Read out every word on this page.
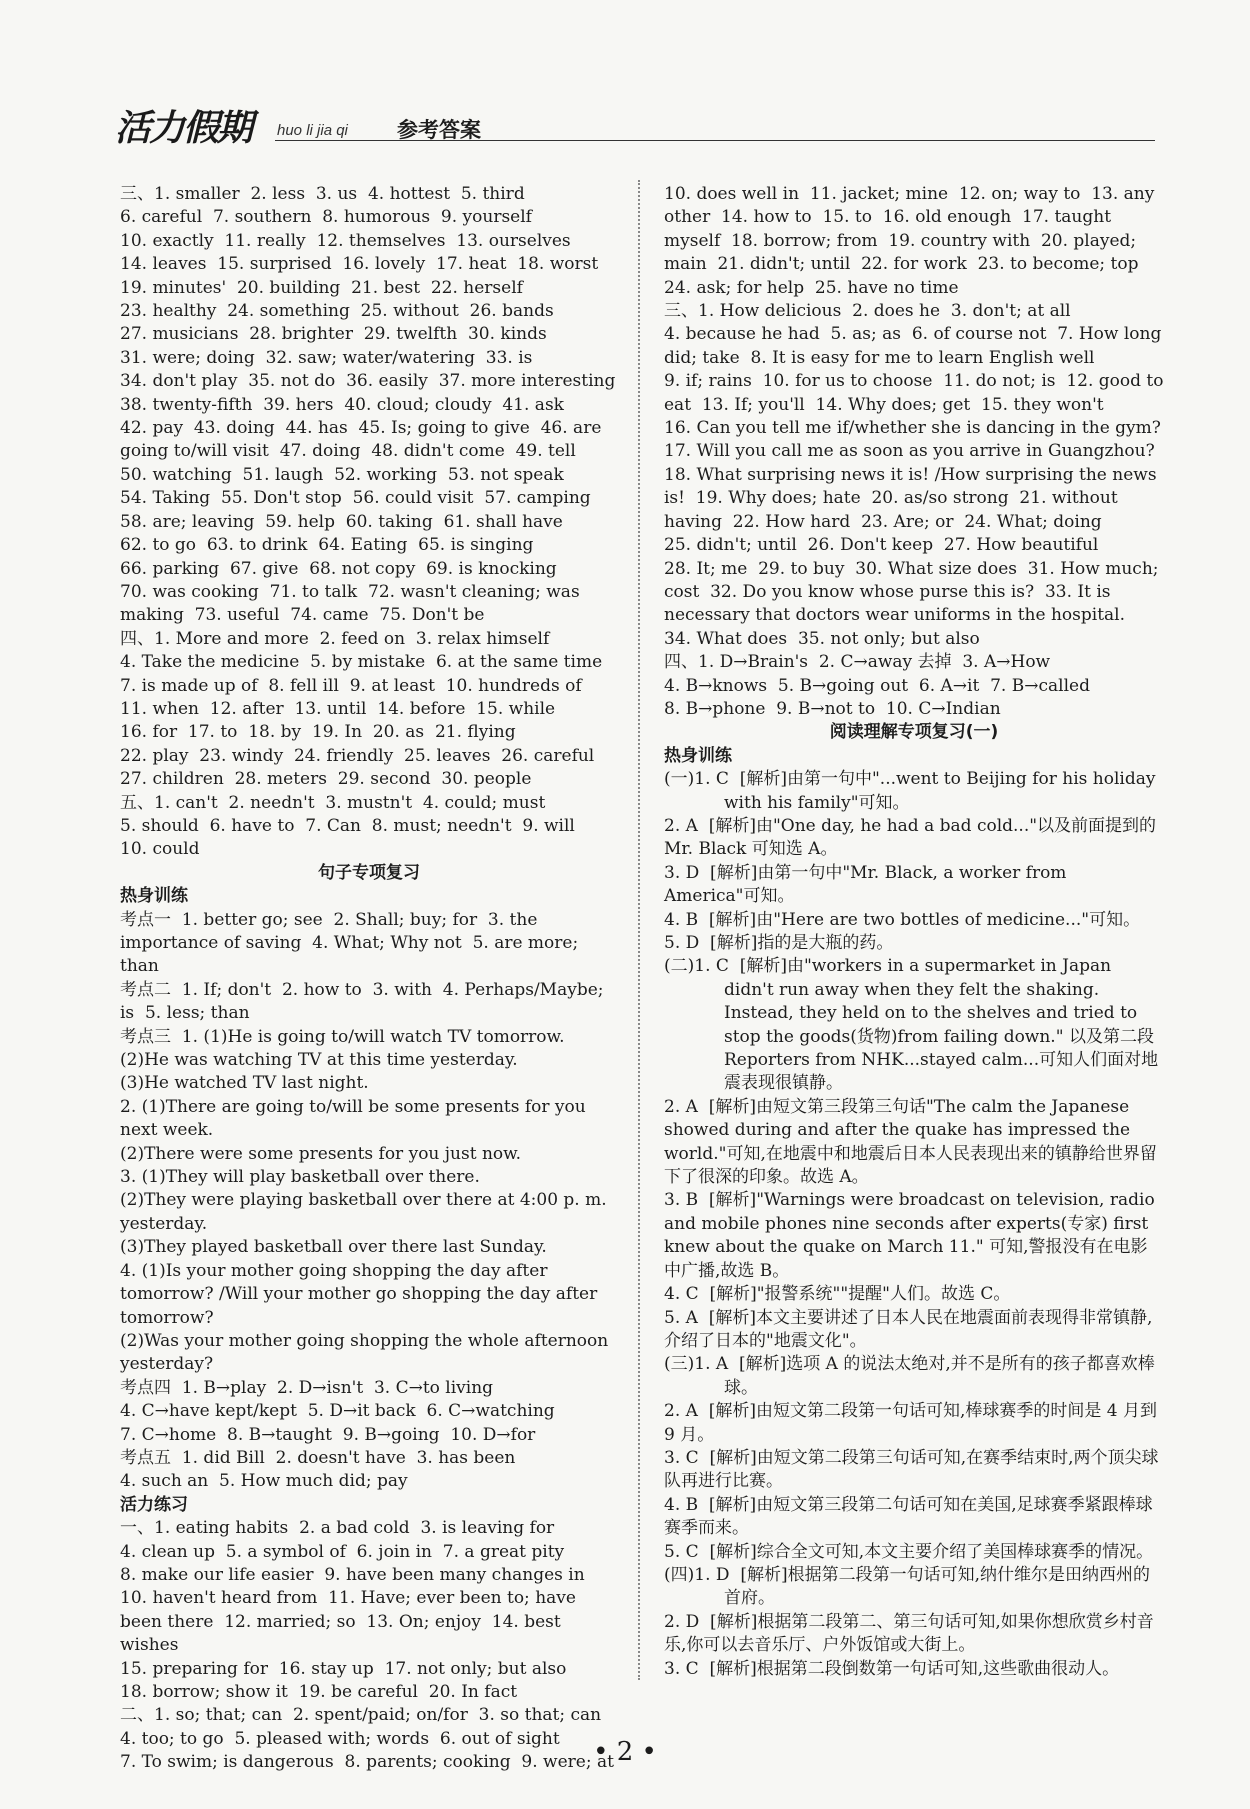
活力假期 huo li jia qi 参考答案
三、1. smaller  2. less  3. us  4. hottest  5. third
6. careful  7. southern  8. humorous  9. yourself
10. exactly  11. really  12. themselves  13. ourselves
14. leaves  15. surprised  16. lovely  17. heat  18. worst
19. minutes'  20. building  21. best  22. herself
23. healthy  24. something  25. without  26. bands
27. musicians  28. brighter  29. twelfth  30. kinds
31. were; doing  32. saw; water/watering  33. is
34. don't play  35. not do  36. easily  37. more interesting
38. twenty-fifth  39. hers  40. cloud; cloudy  41. ask
42. pay  43. doing  44. has  45. Is; going to give  46. are going to/will visit  47. doing  48. didn't come  49. tell
50. watching  51. laugh  52. working  53. not speak
54. Taking  55. Don't stop  56. could visit  57. camping
58. are; leaving  59. help  60. taking  61. shall have
62. to go  63. to drink  64. Eating  65. is singing
66. parking  67. give  68. not copy  69. is knocking
70. was cooking  71. to talk  72. wasn't cleaning; was making  73. useful  74. came  75. Don't be
四、1. More and more  2. feed on  3. relax himself
4. Take the medicine  5. by mistake  6. at the same time
7. is made up of  8. fell ill  9. at least  10. hundreds of
11. when  12. after  13. until  14. before  15. while
16. for  17. to  18. by  19. In  20. as  21. flying
22. play  23. windy  24. friendly  25. leaves  26. careful
27. children  28. meters  29. second  30. people
五、1. can't  2. needn't  3. mustn't  4. could; must
5. should  6. have to  7. Can  8. must; needn't  9. will
10. could
句子专项复习
热身训练
考点一  1. better go; see  2. Shall; buy; for  3. the importance of saving  4. What; Why not  5. are more; than
考点二  1. If; don't  2. how to  3. with  4. Perhaps/Maybe; is  5. less; than
考点三  1. (1)He is going to/will watch TV tomorrow.
(2)He was watching TV at this time yesterday.
(3)He watched TV last night.
2. (1)There are going to/will be some presents for you next week.
(2)There were some presents for you just now.
3. (1)They will play basketball over there.
(2)They were playing basketball over there at 4:00 p. m. yesterday.
(3)They played basketball over there last Sunday.
4. (1)Is your mother going shopping the day after tomorrow? /Will your mother go shopping the day after tomorrow?
(2)Was your mother going shopping the whole afternoon yesterday?
考点四  1. B→play  2. D→isn't  3. C→to living
4. C→have kept/kept  5. D→it back  6. C→watching
7. C→home  8. B→taught  9. B→going  10. D→for
考点五  1. did Bill  2. doesn't have  3. has been
4. such an  5. How much did; pay
活力练习
一、1. eating habits  2. a bad cold  3. is leaving for
4. clean up  5. a symbol of  6. join in  7. a great pity
8. make our life easier  9. have been many changes in
10. haven't heard from  11. Have; ever been to; have been there  12. married; so  13. On; enjoy  14. best wishes
15. preparing for  16. stay up  17. not only; but also
18. borrow; show it  19. be careful  20. In fact
二、1. so; that; can  2. spent/paid; on/for  3. so that; can
4. too; to go  5. pleased with; words  6. out of sight
7. To swim; is dangerous  8. parents; cooking  9. were; at
10. does well in  11. jacket; mine  12. on; way to  13. any other  14. how to  15. to  16. old enough  17. taught myself  18. borrow; from  19. country with  20. played; main  21. didn't; until  22. for work  23. to become; top
24. ask; for help  25. have no time
三、1. How delicious  2. does he  3. don't; at all
4. because he had  5. as; as  6. of course not  7. How long did; take  8. It is easy for me to learn English well
9. if; rains  10. for us to choose  11. do not; is  12. good to eat  13. If; you'll  14. Why does; get  15. they won't
16. Can you tell me if/whether she is dancing in the gym?
17. Will you call me as soon as you arrive in Guangzhou?
18. What surprising news it is! /How surprising the news is!  19. Why does; hate  20. as/so strong  21. without having  22. How hard  23. Are; or  24. What; doing
25. didn't; until  26. Don't keep  27. How beautiful
28. It; me  29. to buy  30. What size does  31. How much; cost  32. Do you know whose purse this is?  33. It is necessary that doctors wear uniforms in the hospital.
34. What does  35. not only; but also
四、1. D→Brain's  2. C→away 去掉  3. A→How
4. B→knows  5. B→going out  6. A→it  7. B→called
8. B→phone  9. B→not to  10. C→Indian
阅读理解专项复习(一)
热身训练
(一)1. C  [解析]由第一句中"...went to Beijing for his holiday with his family"可知。
2. A  [解析]由"One day, he had a bad cold..."以及前面提到的 Mr. Black 可知选 A。
3. D  [解析]由第一句中"Mr. Black, a worker from America"可知。
4. B  [解析]由"Here are two bottles of medicine..."可知。
5. D  [解析]指的是大瓶的药。
(二)1. C  [解析]由"workers in a supermarket in Japan didn't run away when they felt the shaking. Instead, they held on to the shelves and tried to stop the goods(货物)from failing down." 以及第二段 Reporters from NHK...stayed calm...可知人们面对地震表现很镇静。
2. A  [解析]由短文第三段第三句话"The calm the Japanese showed during and after the quake has impressed the world."可知,在地震中和地震后日本人民表现出来的镇静给世界留下了很深的印象。故选 A。
3. B  [解析]"Warnings were broadcast on television, radio and mobile phones nine seconds after experts(专家) first knew about the quake on March 11." 可知,警报没有在电影中广播,故选 B。
4. C  [解析]"报警系统""提醒"人们。故选 C。
5. A  [解析]本文主要讲述了日本人民在地震面前表现得非常镇静,介绍了日本的"地震文化"。
(三)1. A  [解析]选项 A 的说法太绝对,并不是所有的孩子都喜欢棒球。
2. A  [解析]由短文第二段第一句话可知,棒球赛季的时间是 4 月到 9 月。
3. C  [解析]由短文第二段第三句话可知,在赛季结束时,两个顶尖球队再进行比赛。
4. B  [解析]由短文第三段第二句话可知在美国,足球赛季紧跟棒球赛季而来。
5. C  [解析]综合全文可知,本文主要介绍了美国棒球赛季的情况。
(四)1. D  [解析]根据第二段第一句话可知,纳什维尔是田纳西州的首府。
2. D  [解析]根据第二段第二、第三句话可知,如果你想欣赏乡村音乐,你可以去音乐厅、户外饭馆或大街上。
3. C  [解析]根据第二段倒数第一句话可知,这些歌曲很动人。
• 2 •
